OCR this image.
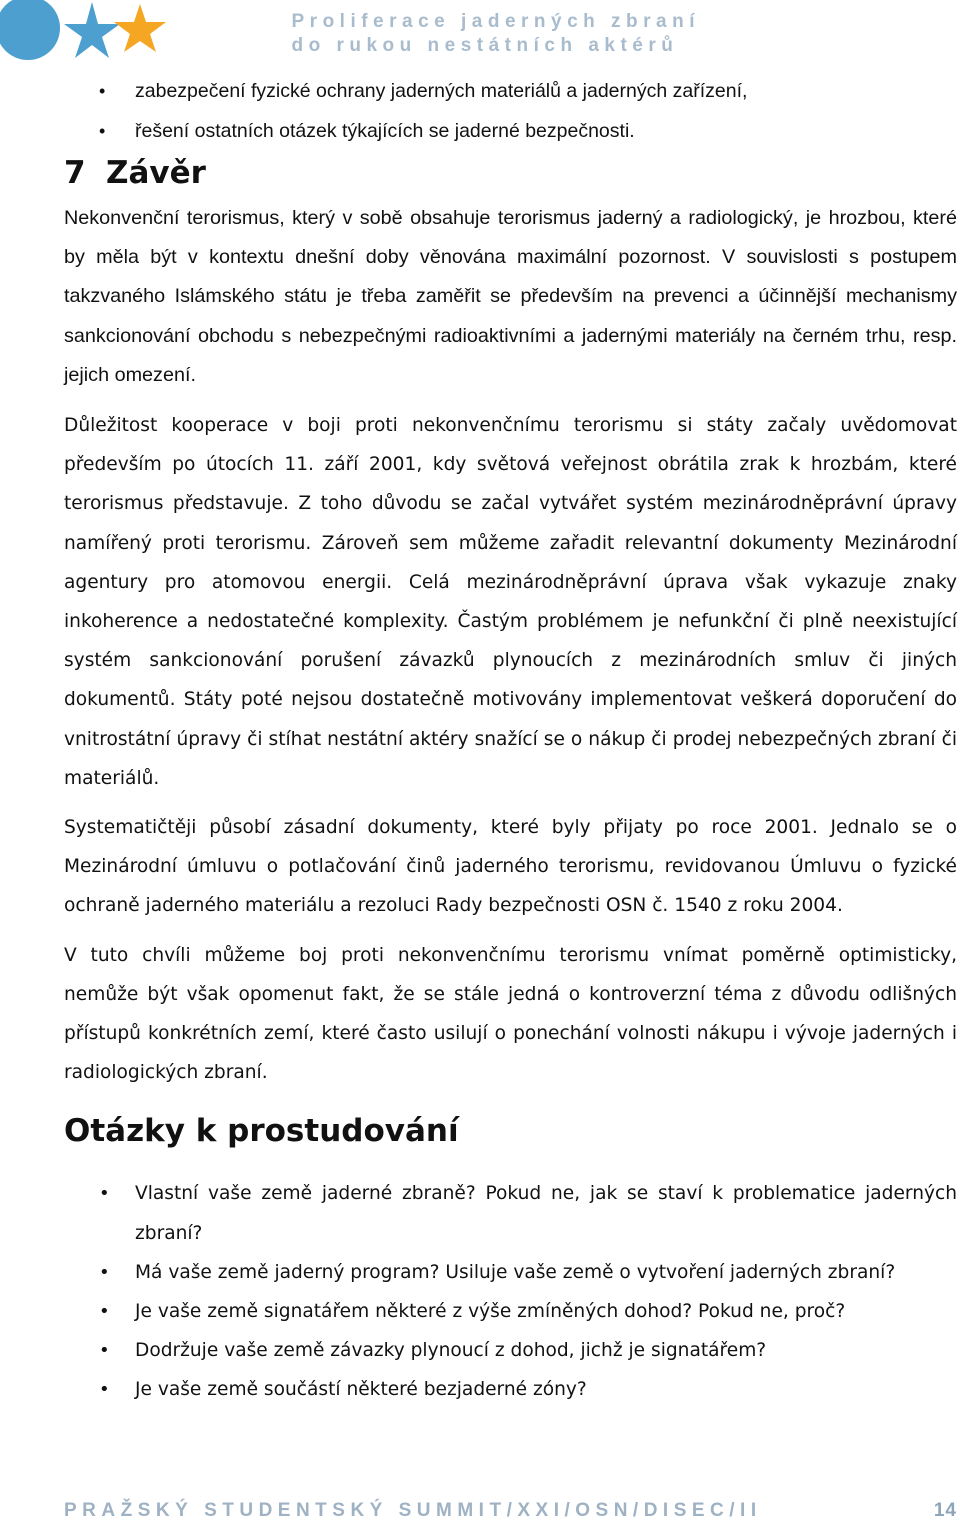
Proliferace jaderných zbraní
do rukou nestátních aktérů
• zabezpečení fyzické ochrany jaderných materiálů a jaderných zařízení,
• řešení ostatních otázek týkajících se jaderné bezpečnosti.
7 Závěr

Nekonvenční terorismus, který v sobě obsahuje terorismus jaderný a radiologický, je hrozbou, které by měla být v kontextu dnešní doby věnována maximální pozornost. V souvislosti s postupem takzvaného Islámského státu je třeba zaměřit se především na prevenci a účinnější mechanismy sankcionování obchodu s nebezpečnými radioaktivními a jadernými materiály na černém trhu, resp. jejich omezení.

Důležitost kooperace v boji proti nekonvenčnímu terorismu si státy začaly uvědomovat především po útocích 11. září 2001, kdy světová veřejnost obrátila zrak k hrozbám, které terorismus představuje. Z toho důvodu se začal vytvářet systém mezinárodněprávní úpravy namířený proti terorismu. Zároveň sem můžeme zařadit relevantní dokumenty Mezinárodní agentury pro atomovou energii. Celá mezinárodněprávní úprava však vykazuje znaky inkoherence a nedostatečné komplexity. Častým problémem je nefunkční či plně neexistující systém sankcionování porušení závazků plynoucích z mezinárodních smluv či jiných dokumentů. Státy poté nejsou dostatečně motivovány implementovat veškerá doporučení do vnitrostátní úpravy či stíhat nestátní aktéry snažící se o nákup či prodej nebezpečných zbraní či materiálů.

Systematičtěji působí zásadní dokumenty, které byly přijaty po roce 2001. Jednalo se o Mezinárodní úmluvu o potlačování činů jaderného terorismu, revidovanou Úmluvu o fyzické ochraně jaderného materiálu a rezoluci Rady bezpečnosti OSN č. 1540 z roku 2004.

V tuto chvíli můžeme boj proti nekonvenčnímu terorismu vnímat poměrně optimisticky, nemůže být však opomenut fakt, že se stále jedná o kontroverzní téma z důvodu odlišných přístupů konkrétních zemí, které často usilují o ponechání volnosti nákupu i vývoje jaderných i radiologických zbraní.

Otázky k prostudování
• Vlastní vaše země jaderné zbraně? Pokud ne, jak se staví k problematice jaderných zbraní?
• Má vaše země jaderný program? Usiluje vaše země o vytvoření jaderných zbraní?
• Je vaše země signatářem některé z výše zmíněných dohod? Pokud ne, proč?
• Dodržuje vaše země závazky plynoucí z dohod, jichž je signatářem?
• Je vaše země součástí některé bezjaderné zóny?
PRAŽSKÝ STUDENTSKÝ SUMMIT/XXI/OSN/DISEC/II	14
